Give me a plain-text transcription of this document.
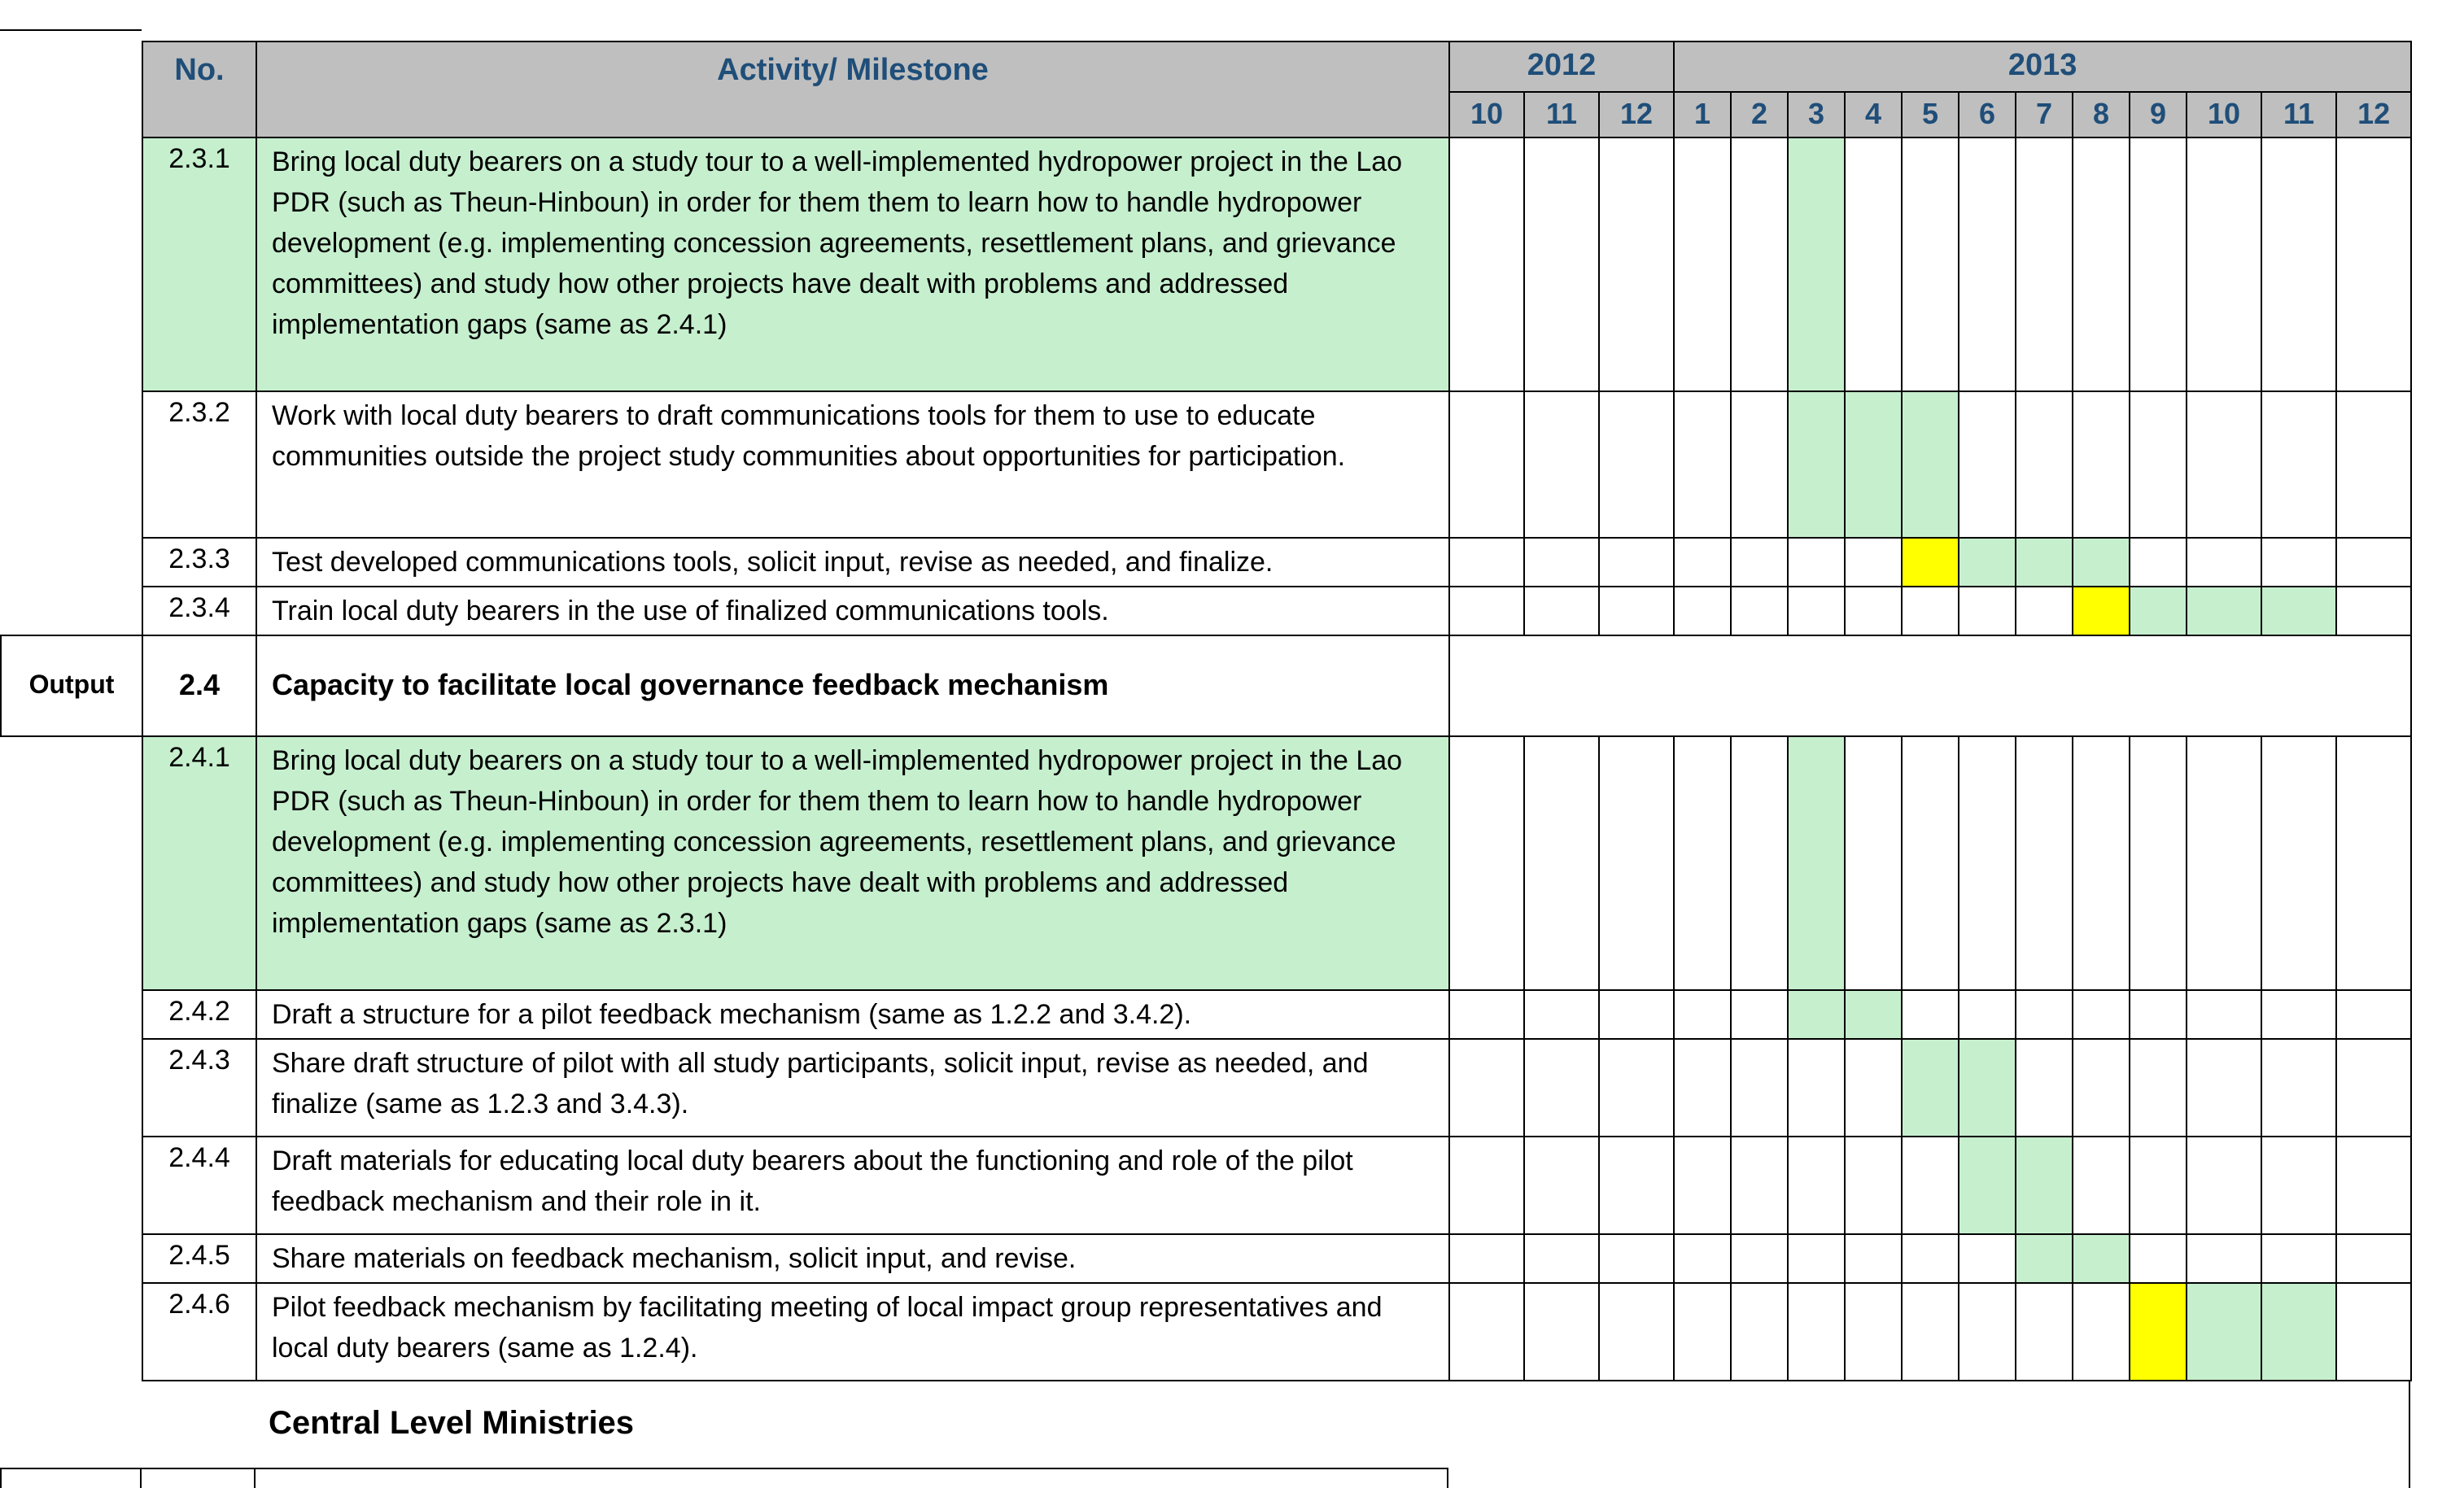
	No.	Activity/ Milestone	2012			2013											
			10	11	12	1	2	3	4	5	6	7	8	9	10	11	12
	2.3.1	Bring local duty bearers on a study tour to a well-implemented hydropower project in the Lao PDR (such as Theun-Hinboun) in order for them them to learn how to handle hydropower development (e.g. implementing concession agreements, resettlement plans, and grievance committees) and study how other projects have dealt with problems and addressed implementation gaps (same as 2.4.1)															
	2.3.2	Work with local duty bearers to draft communications tools for them to use to educate communities outside the project study communities about opportunities for participation.															
	2.3.3	Test developed communications tools, solicit input, revise as needed, and finalize.															
	2.3.4	Train local duty bearers in the use of finalized communications tools.															
Output	2.4	Capacity to facilitate local governance feedback mechanism															
	2.4.1	Bring local duty bearers on a study tour to a well-implemented hydropower project in the Lao PDR (such as Theun-Hinboun) in order for them them to learn how to handle hydropower development (e.g. implementing concession agreements, resettlement plans, and grievance committees) and study how other projects have dealt with problems and addressed implementation gaps (same as 2.3.1)															
	2.4.2	Draft a structure for a pilot feedback mechanism (same as 1.2.2 and 3.4.2).															
	2.4.3	Share draft structure of pilot with all study participants, solicit input, revise as needed, and finalize (same as 1.2.3 and 3.4.3).															
	2.4.4	Draft materials for educating local duty bearers about the functioning and role of the pilot feedback mechanism and their role in it.															
	2.4.5	Share materials on feedback mechanism, solicit input, and revise.															
	2.4.6	Pilot feedback mechanism by facilitating meeting of local impact group representatives and local duty bearers (same as 1.2.4).															
Central Level Ministries
